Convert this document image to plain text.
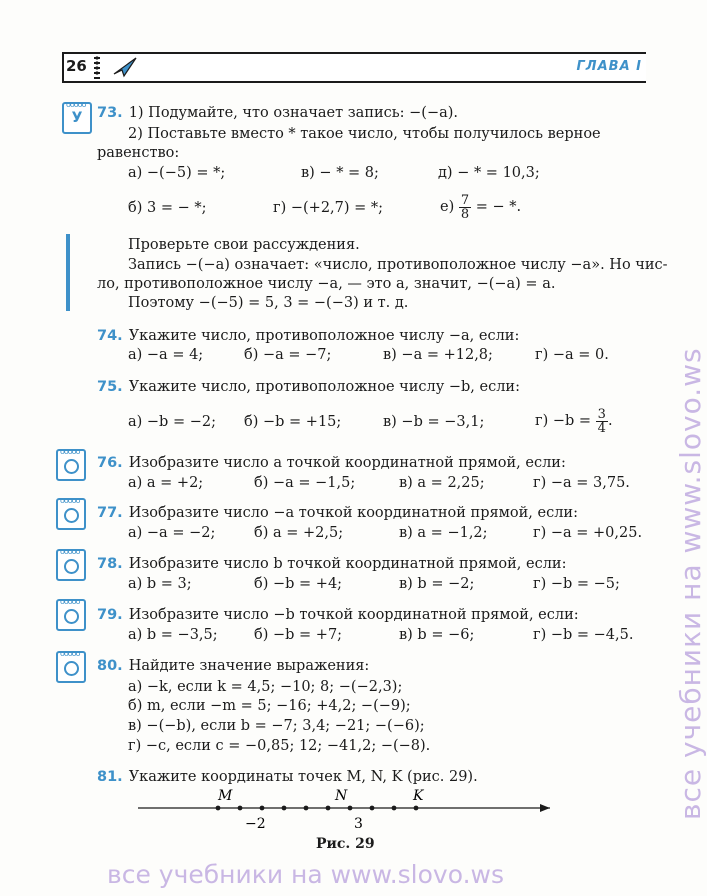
26	ГЛАВА I
ooooo
У	73. 1) Подумайте, что означает запись: −(−a).
2) Поставьте вместо * такое число, чтобы получилось верное
равенство:
а) −(−5) = *;	в) − * = 8;	д) − * = 10,3;
б) 3 = − *;	г) −(+2,7) = *;	$е) \frac{7}{8}$ = − *.
Проверьте свои рассуждения.
Запись −(−a) означает: «число, противоположное числу −a». Но чис-
ло, противоположное числу −a, — это a, значит, −(−a) = a.
Поэтому −(−5) = 5, 3 = −(−3) и т. д.
74. Укажите число, противоположное числу −a, если:
а) −a = 4;	б) −a = −7;	в) −a = +12,8;	г) −a = 0.
75. Укажите число, противоположное числу −b, если:
а) −b = −2; б) −b = +15;	в) −b = −3,1;	$г) -b = \frac{3}{4}$ .
ooooo
76. Изобразите число a точкой координатной прямой, если:
а) a = +2;	б) −a = −1,5;	в) a = 2,25;	г) −a = 3,75.
ooooo
77. Изобразите число −a точкой координатной прямой, если:
а) −a = −2;	б) a = +2,5;	в) a = −1,2;	г) −a = +0,25.
ooooo
78. Изобразите число b точкой координатной прямой, если:
а) b = 3;	б) −b = +4;	в) b = −2;	г) −b = −5;
ooooo
79. Изобразите число −b точкой координатной прямой, если:
а) b = −3,5;	б) −b = +7;	в) b = −6;	г) −b = −4,5.
ooooo
80. Найдите значение выражения:
а) −k, если k = 4,5; −10; 8; −(−2,3);
б) m, если −m = 5; −16; +4,2; −(−9);
в) −(−b), если b = −7; 3,4; −21; −(−6);
г) −c, если c = −0,85; 12; −41,2; −(−8).
81. Укажите координаты точек M, N, K (рис. 29).
M	N	K
−2	3
Рис. 29
все учебники на www.slovo.ws
все учебники на www.slovo.ws
